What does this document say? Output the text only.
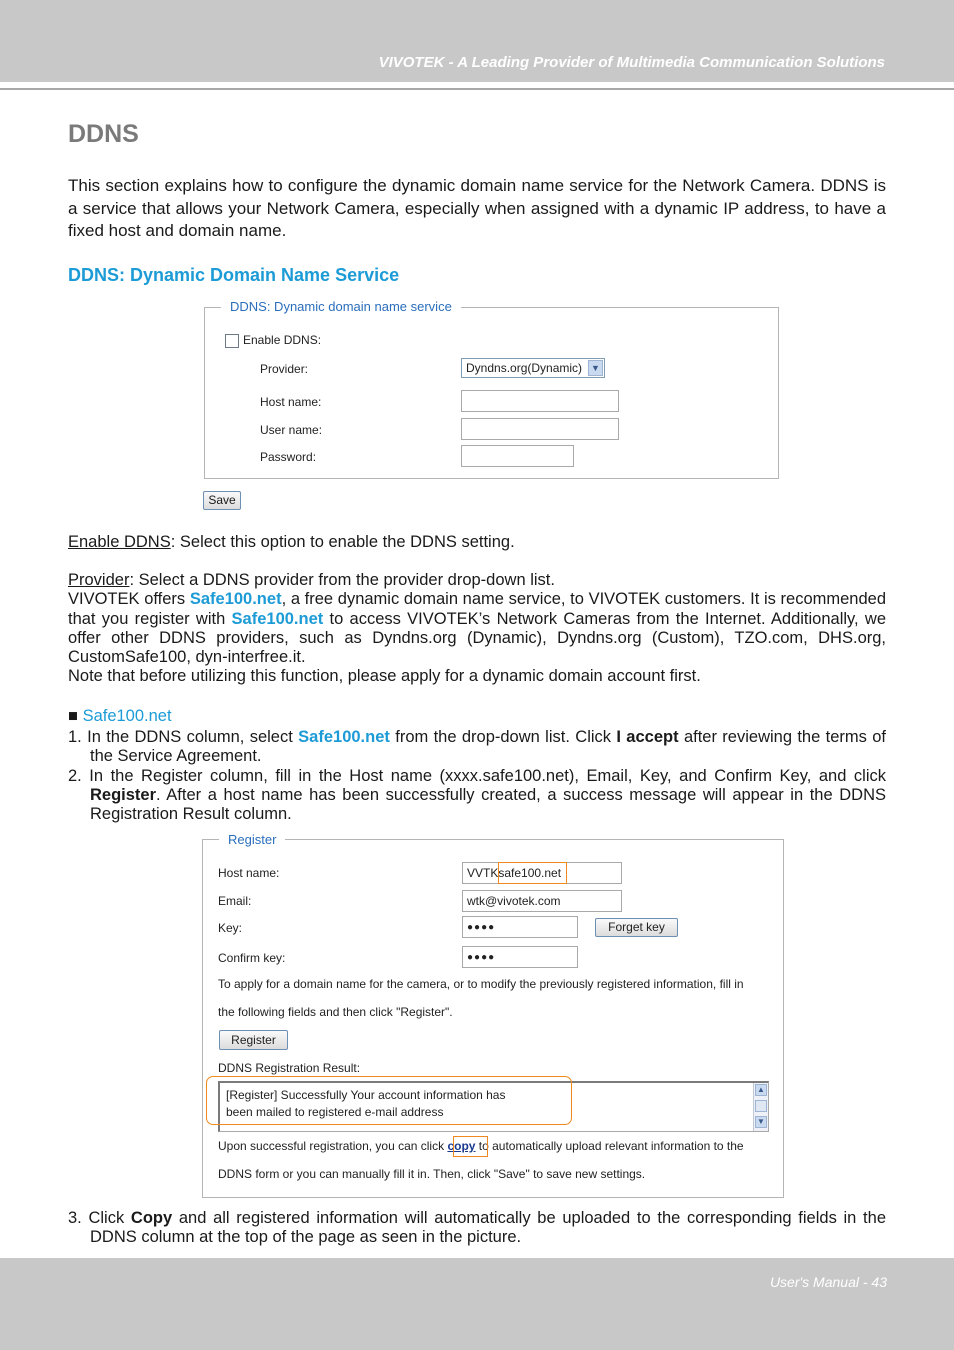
VIVOTEK - A Leading Provider of Multimedia Communication Solutions
DDNS
This section explains how to configure the dynamic domain name service for the Network Camera. DDNS is a service that allows your Network Camera, especially when assigned with a dynamic IP address, to have a fixed host and domain name.
DDNS: Dynamic Domain Name Service
DDNS: Dynamic domain name service
Enable DDNS:
Provider:	Dyndns.org(Dynamic) ▼
Host name:
User name:
Password:
Save
Enable DDNS: Select this option to enable the DDNS setting.
Provider: Select a DDNS provider from the provider drop-down list.
VIVOTEK offers Safe100.net, a free dynamic domain name service, to VIVOTEK customers. It is recommended that you register with Safe100.net to access VIVOTEK’s Network Cameras from the Internet. Additionally, we offer other DDNS providers, such as Dyndns.org (Dynamic), Dyndns.org (Custom), TZO.com, DHS.org, CustomSafe100, dyn-interfree.it.
Note that before utilizing this function, please apply for a dynamic domain account first.
■ Safe100.net
1. In the DDNS column, select Safe100.net from the drop-down list. Click I accept after reviewing the terms of the Service Agreement.
2. In the Register column, fill in the Host name (xxxx.safe100.net), Email, Key, and Confirm Key, and click Register. After a host name has been successfully created, a success message will appear in the DDNS Registration Result column.
Register
Host name:	VVTKsafe100.net
Email:	wtk@vivotek.com
Key:	●●●●	Forget key
Confirm key:	●●●●
To apply for a domain name for the camera, or to modify the previously registered information, fill in
the following fields and then click "Register".
Register
DDNS Registration Result:
[Register] Successfully Your account information has
been mailed to registered e-mail address
▲
▼
Upon successful registration, you can click copy to automatically upload relevant information to the
DDNS form or you can manually fill it in. Then, click "Save" to save new settings.
3. Click Copy and all registered information will automatically be uploaded to the corresponding fields in the DDNS column at the top of the page as seen in the picture.
User's Manual - 43
